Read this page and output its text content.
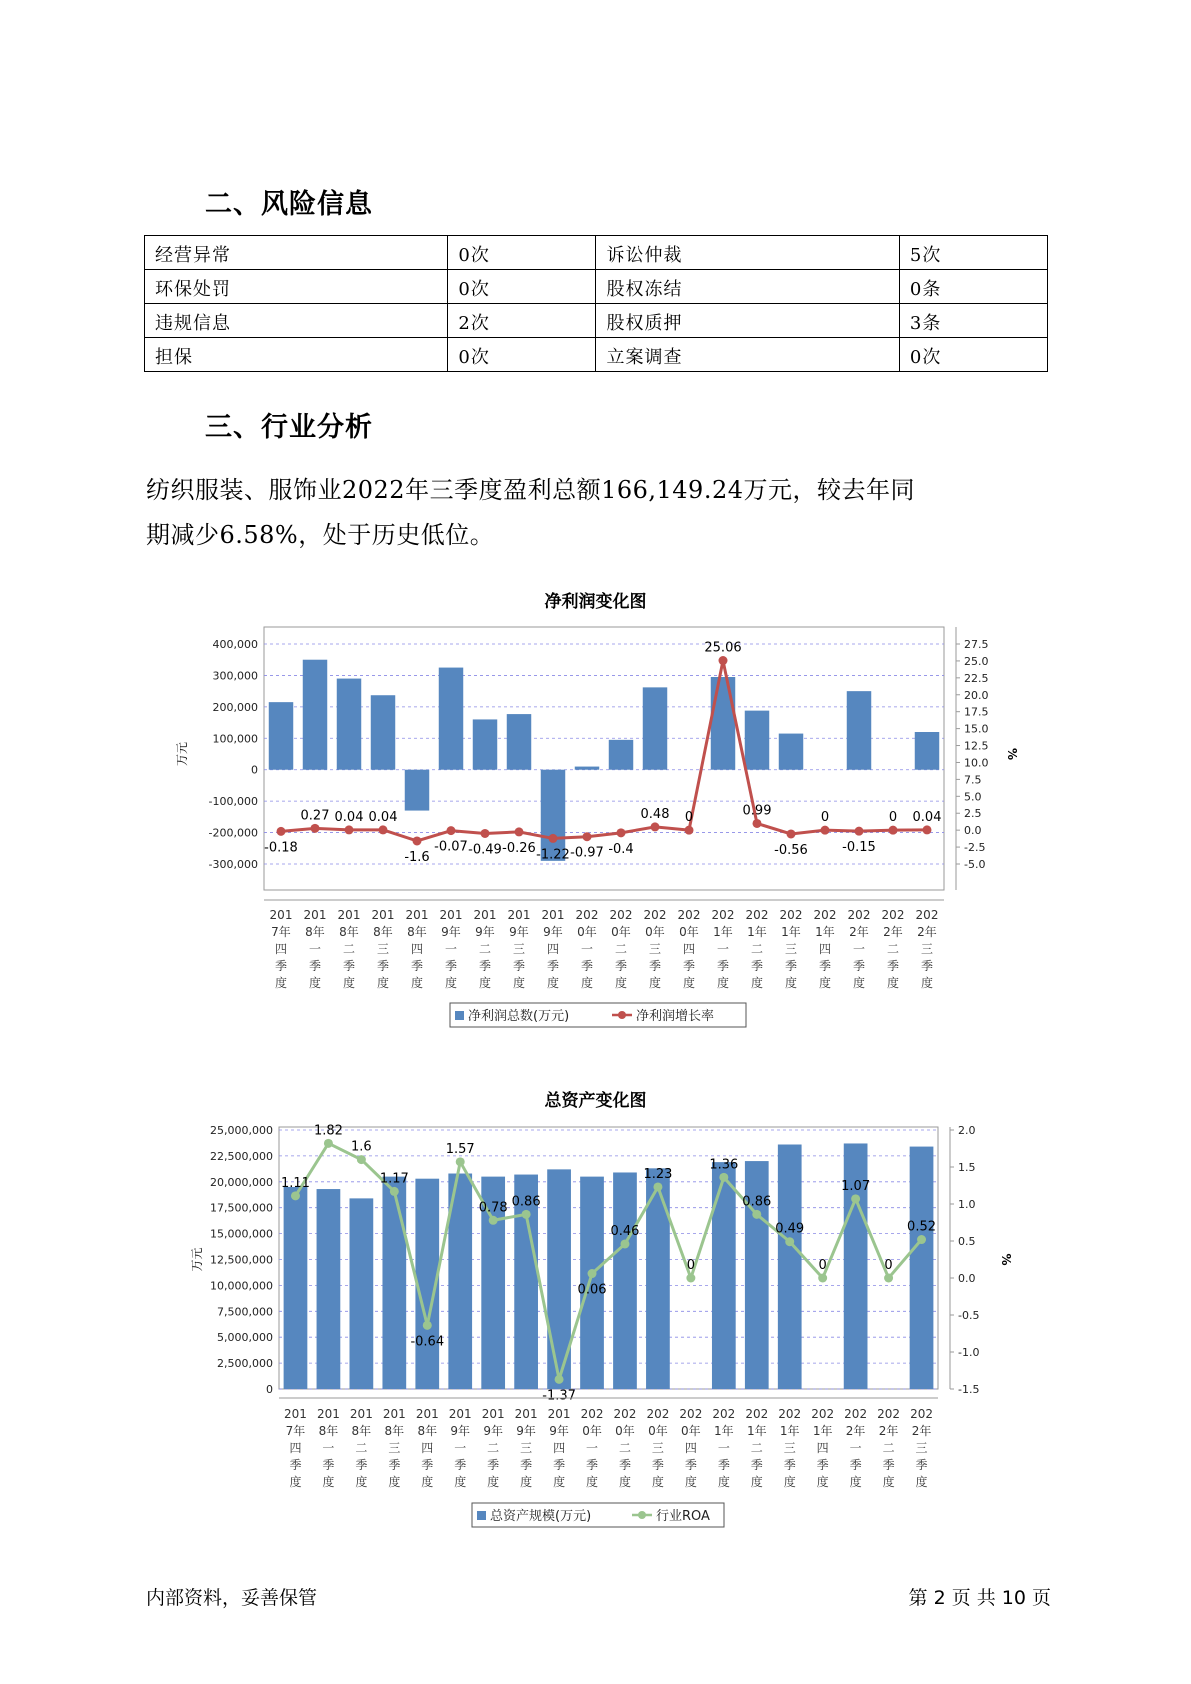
二、风险信息
经营异常	0次	诉讼仲裁	5次
环保处罚	0次	股权冻结	0条
违规信息	2次	股权质押	3条
担保	0次	立案调查	0次
三、行业分析

纺织服装、服饰业2022年三季度盈利总额166,149.24万元，较去年同

期减少6.58%，处于历史低位。

净利润变化图
400,000
300,000
200,000
100,000
0
-100,000
-200,000
-300,000
27.5
25.0
22.5
20.0
17.5
15.0
12.5
10.0
7.5
5.0
2.5
0.0
-2.5
-5.0
万元	%
-0.18
0.27 0.04 0.04
-1.6
-0.07 -0.49 -0.26 -1.22 -0.97 -0.4
0.48 0
25.06
0.99
-0.56
0
-0.15
0 0.04
201 7年四季度
201 8年一季度
201 8年二季度
201 8年三季度
201 8年四季度
201 9年一季度
201 9年二季度
201 9年三季度
201 9年四季度
202 0年一季度
202 0年二季度
202 0年三季度
202 0年四季度
202 1年一季度
202 1年二季度
202 1年三季度
202 1年四季度
202 2年一季度
202 2年二季度
202 2年三季度
净利润总数(万元)	净利润增长率
总资产变化图
25,000,000
22,500,000
20,000,000
17,500,000
15,000,000
12,500,000
10,000,000
7,500,000
5,000,000
2,500,000
0
2.0
1.5
1.0
0.5
0.0
-0.5
-1.0
-1.5
万元	%
1.11
1.82
1.6
1.17
-0.64
1.57
0.78 0.86
-1.37
0.06
0.46
1.23
0
1.36
0.86
0.49
0
1.07
0
0.52
201 7年四季度
201 8年一季度
201 8年二季度
201 8年三季度
201 8年四季度
201 9年一季度
201 9年二季度
201 9年三季度
201 9年四季度
202 0年一季度
202 0年二季度
202 0年三季度
202 0年四季度
202 1年一季度
202 1年二季度
202 1年三季度
202 1年四季度
202 2年一季度
202 2年二季度
202 2年三季度
总资产规模(万元)	行业ROA
内部资料，妥善保管	第 2 页 共 10 页
